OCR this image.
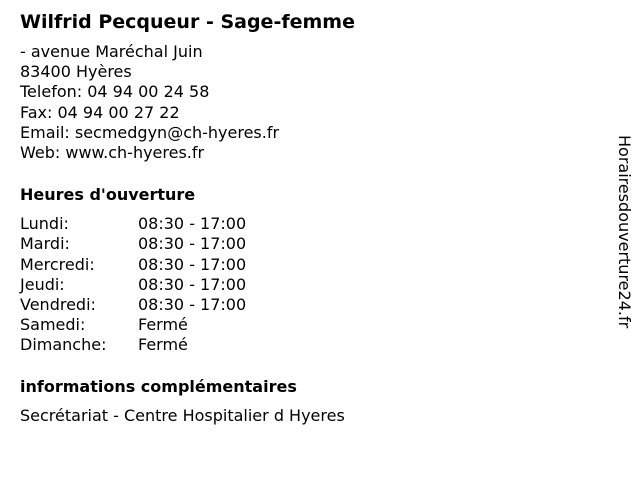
Wilfrid Pecqueur - Sage-femme
- avenue Maréchal Juin
83400 Hyères
Telefon: 04 94 00 24 58
Fax: 04 94 00 27 22
Email: secmedgyn@ch-hyeres.fr
Web: www.ch-hyeres.fr
Heures d'ouverture
Lundi:	08:30 - 17:00
Mardi:	08:30 - 17:00
Mercredi:	08:30 - 17:00
Jeudi:	08:30 - 17:00
Vendredi:	08:30 - 17:00
Samedi:	Fermé
Dimanche:	Fermé
informations complémentaires
Secrétariat - Centre Hospitalier d Hyeres
Horairesdouverture24.fr
